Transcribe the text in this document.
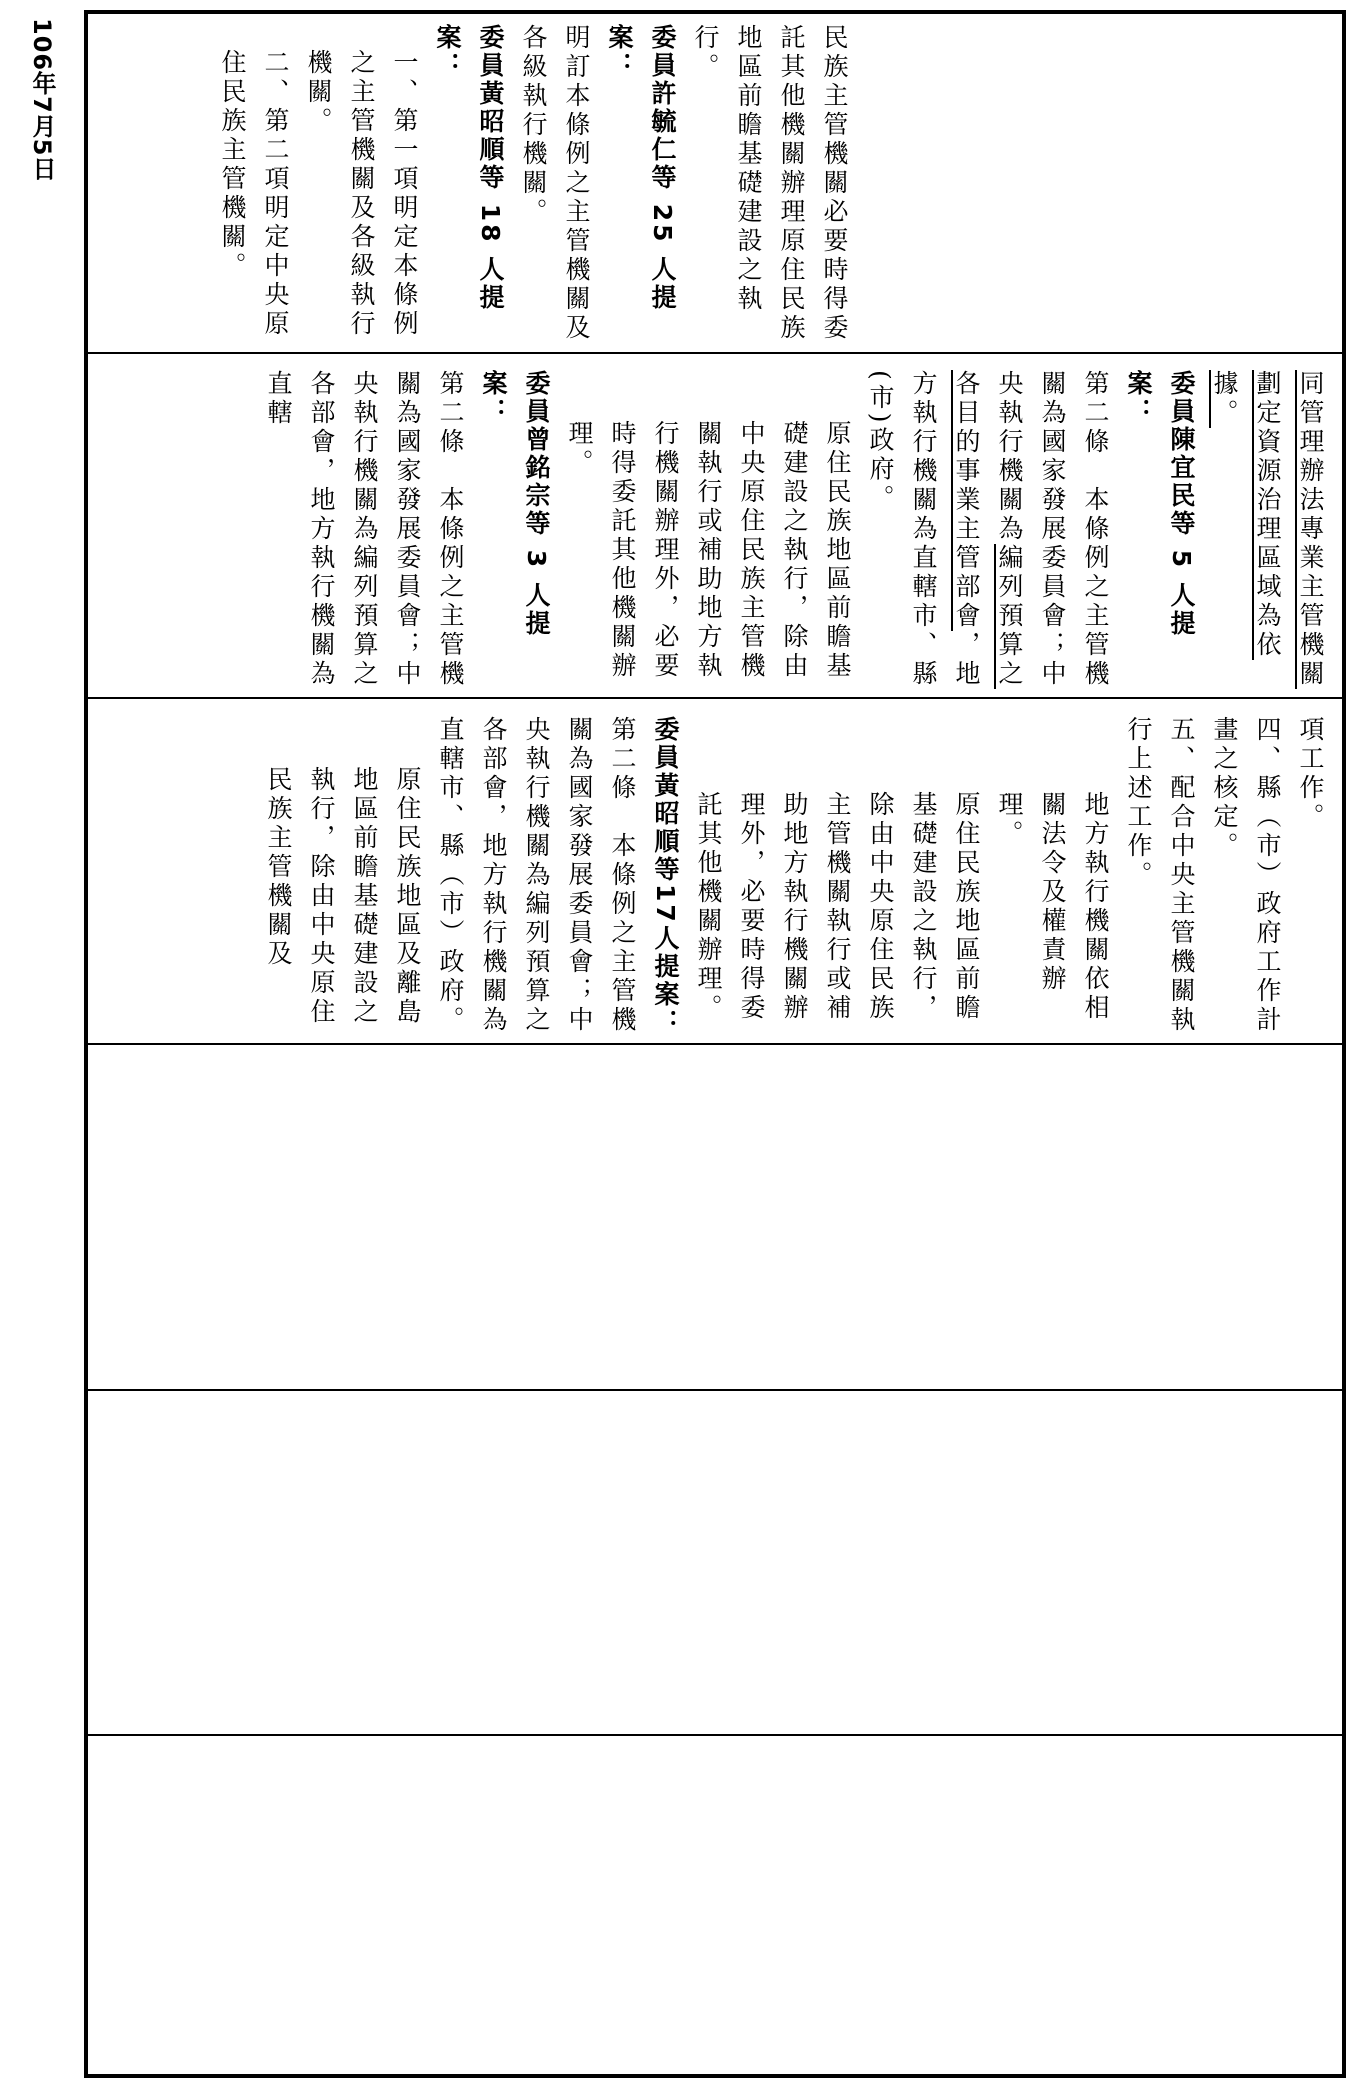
106年7月5日	民族主管機關必要時得委託其他機關辦理原住民族地區前瞻基礎建設之執行。
委員許毓仁等 25 人提案：
明訂本條例之主管機關及各級執行機關。
委員黃昭順等 18 人提案：
一、第一項明定本條例之主管機關及各級執行機關。
二、第二項明定中央原住民族主管機關。
同管理辦法專業主管機關劃定資源治理區域為依據。
委員陳宜民等 5 人提案：
第二條　本條例之主管機關為國家發展委員會；中央執行機關為編列預算之各目的事業主管部會，地方執行機關為直轄市、縣(市)政府。
原住民族地區前瞻基礎建設之執行，除由中央原住民族主管機關執行或補助地方執行機關辦理外，必要時得委託其他機關辦理。
委員曾銘宗等 3 人提案：
第二條　本條例之主管機關為國家發展委員會；中央執行機關為編列預算之各部會，地方執行機關為直轄
項工作。
四、縣（市）政府工作計畫之核定。
五、配合中央主管機關執行上述工作。
地方執行機關依相關法令及權責辦理。
原住民族地區前瞻基礎建設之執行，除由中央原住民族主管機關執行或補助地方執行機關辦理外，必要時得委託其他機關辦理。
委員黃昭順等17人提案：
第二條　本條例之主管機關為國家發展委員會；中央執行機關為編列預算之各部會，地方執行機關為直轄市、縣（市）政府。
原住民族地區及離島地區前瞻基礎建設之執行，除由中央原住民族主管機關及
